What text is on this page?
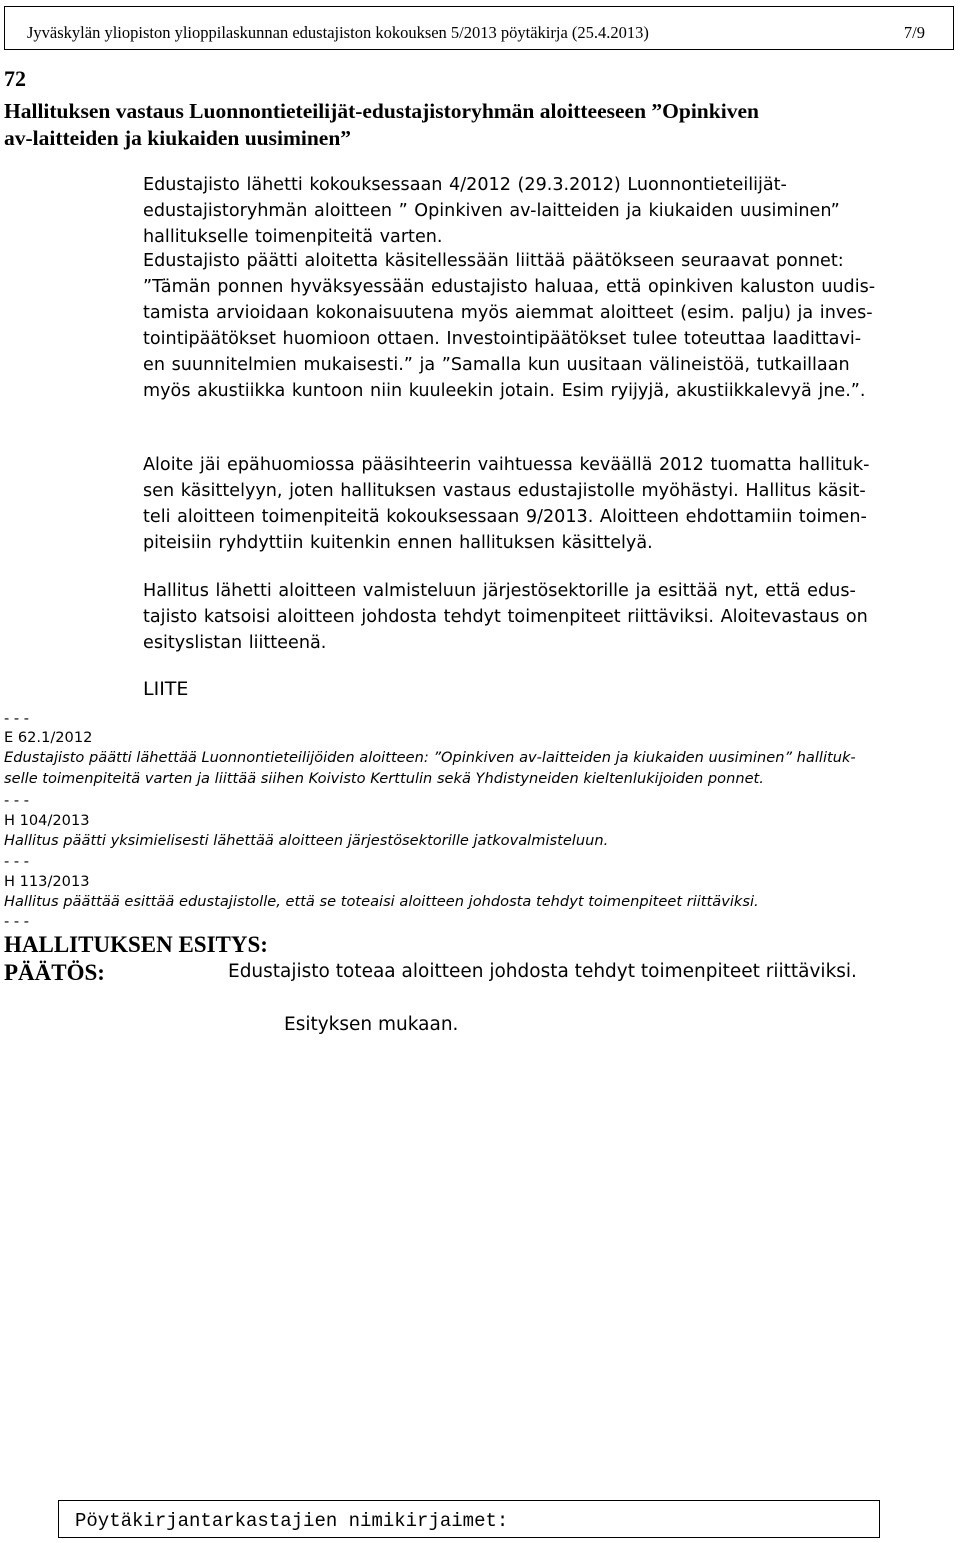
Jyväskylän yliopiston ylioppilaskunnan edustajiston kokouksen 5/2013 pöytäkirja (25.4.2013)	7/9
72
Hallituksen vastaus Luonnontieteilijät-edustajistoryhmän aloitteeseen ”Opinkiven
av-laitteiden ja kiukaiden uusiminen”
Edustajisto lähetti kokouksessaan 4/2012 (29.3.2012) Luonnontieteilijät-
edustajistoryhmän aloitteen ” Opinkiven av-laitteiden ja kiukaiden uusiminen”
hallitukselle toimenpiteitä varten.
Edustajisto päätti aloitetta käsitellessään liittää päätökseen seuraavat ponnet:
”Tämän ponnen hyväksyessään edustajisto haluaa, että opinkiven kaluston uudis-
tamista arvioidaan kokonaisuutena myös aiemmat aloitteet (esim. palju) ja inves-
tointipäätökset huomioon ottaen. Investointipäätökset tulee toteuttaa laadittavi-
en suunnitelmien mukaisesti.” ja ”Samalla kun uusitaan välineistöä, tutkaillaan
myös akustiikka kuntoon niin kuuleekin jotain. Esim ryijyjä, akustiikkalevyä jne.”.
Aloite jäi epähuomiossa pääsihteerin vaihtuessa keväällä 2012 tuomatta hallituk-
sen käsittelyyn, joten hallituksen vastaus edustajistolle myöhästyi. Hallitus käsit-
teli aloitteen toimenpiteitä kokouksessaan 9/2013. Aloitteen ehdottamiin toimen-
piteisiin ryhdyttiin kuitenkin ennen hallituksen käsittelyä.
Hallitus lähetti aloitteen valmisteluun järjestösektorille ja esittää nyt, että edus-
tajisto katsoisi aloitteen johdosta tehdyt toimenpiteet riittäviksi. Aloitevastaus on
esityslistan liitteenä.
LIITE
- - -
E 62.1/2012
Edustajisto päätti lähettää Luonnontieteilijöiden aloitteen: ”Opinkiven av-laitteiden ja kiukaiden uusiminen” hallituk-
selle toimenpiteitä varten ja liittää siihen Koivisto Kerttulin sekä Yhdistyneiden kieltenlukijoiden ponnet.
- - -
H 104/2013
Hallitus päätti yksimielisesti lähettää aloitteen järjestösektorille jatkovalmisteluun.
- - -
H 113/2013
Hallitus päättää esittää edustajistolle, että se toteaisi aloitteen johdosta tehdyt toimenpiteet riittäviksi.
- - -
HALLITUKSEN ESITYS:
Edustajisto toteaa aloitteen johdosta tehdyt toimenpiteet riittäviksi.
PÄÄTÖS:
Esityksen mukaan.
Pöytäkirjantarkastajien nimikirjaimet:
